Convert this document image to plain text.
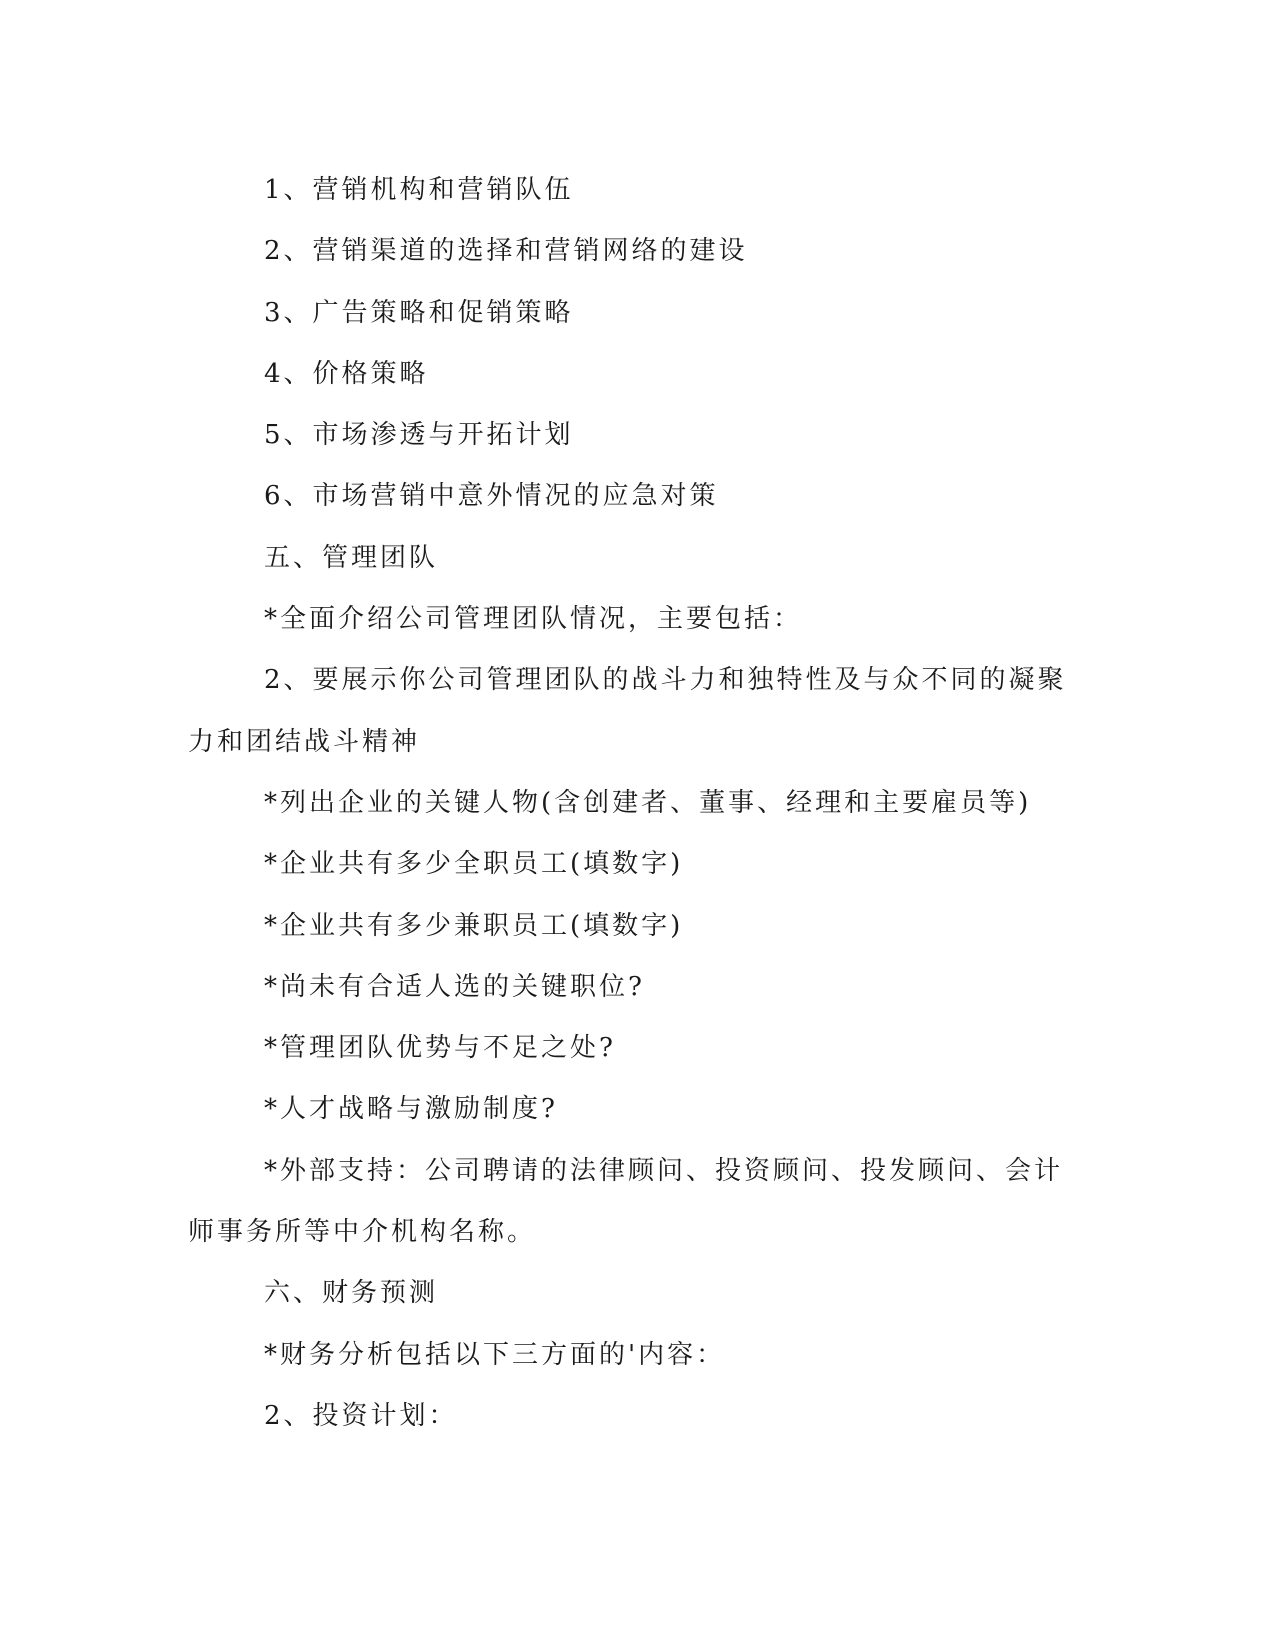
1、营销机构和营销队伍

2、营销渠道的选择和营销网络的建设

3、广告策略和促销策略

4、价格策略

5、市场渗透与开拓计划

6、市场营销中意外情况的应急对策

五、管理团队

*全面介绍公司管理团队情况，主要包括：

2、要展示你公司管理团队的战斗力和独特性及与众不同的凝聚

力和团结战斗精神

*列出企业的关键人物(含创建者、董事、经理和主要雇员等)

*企业共有多少全职员工(填数字)

*企业共有多少兼职员工(填数字)

*尚未有合适人选的关键职位?

*管理团队优势与不足之处?

*人才战略与激励制度?

*外部支持：公司聘请的法律顾问、投资顾问、投发顾问、会计

师事务所等中介机构名称。

六、财务预测

*财务分析包括以下三方面的'内容：

2、投资计划：
